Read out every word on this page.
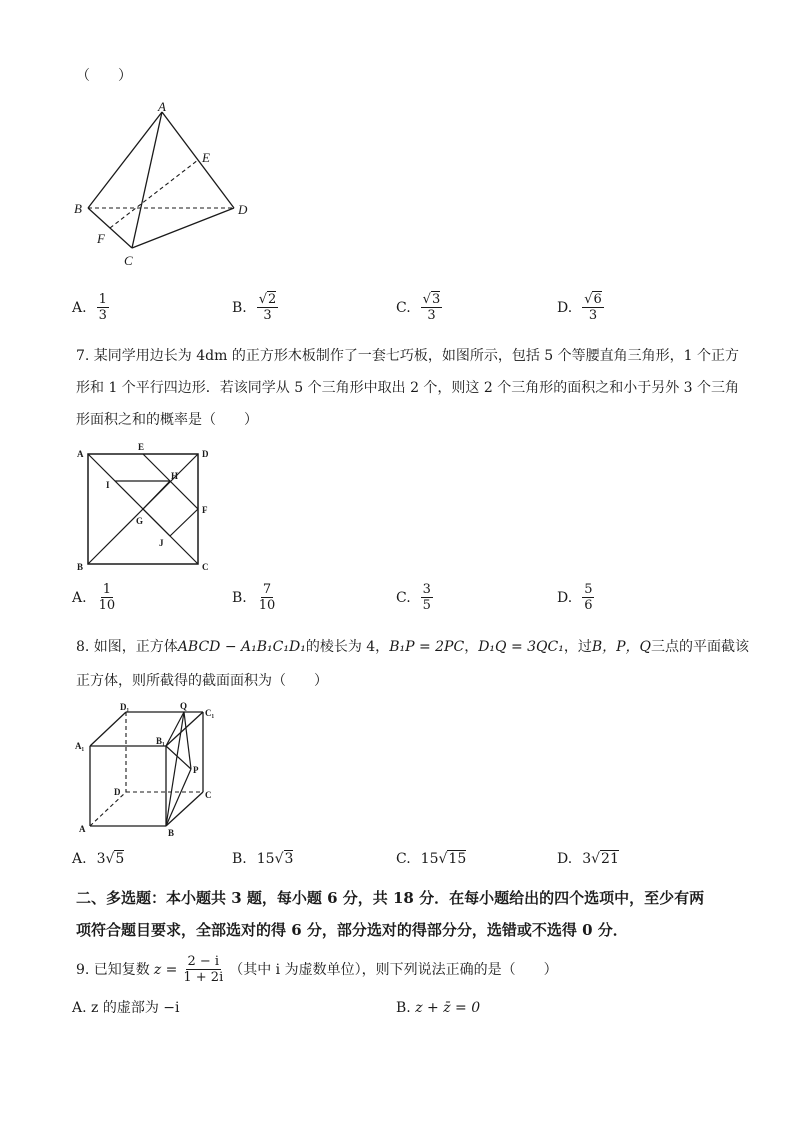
（　　）
A
B
C
D
E
F
A. $\frac{1}{3}$	B. $\frac{√2}{3}$	C. $\frac{√3}{3}$	D. $\frac{√6}{3}$
7. 某同学用边长为 4dm 的正方形木板制作了一套七巧板，如图所示，包括 5 个等腰直角三角形，1 个正方
形和 1 个平行四边形．若该同学从 5 个三角形中取出 2 个，则这 2 个三角形的面积之和小于另外 3 个三角
形面积之和的概率是（　　）
A
B	C
D
E
F
G
H
I
J
A. $\frac{1}{10}$	B. $\frac{7}{10}$	C. $\frac{3}{5}$	D. $\frac{5}{6}$
8. 如图，正方体ABCD − A₁B₁C₁D₁的棱长为 4，B₁P = 2PC，D₁Q = 3QC₁，过B，P，Q三点的平面截该
正方体，则所截得的截面面积为（　　）
A	B
C
D
A₁	B₁
C₁
D₁
P
Q
A. 3√5	B. 15√3	C. 15√15	D. 3√21
二、多选题：本小题共 3 题，每小题 6 分，共 18 分．在每小题给出的四个选项中，至少有两
项符合题目要求，全部选对的得 6 分，部分选对的得部分分，选错或不选得 0 分．
9. 已知复数 $z = \frac{2 - i}{1 + 2i}$ （其中 i 为虚数单位），则下列说法正确的是（　　）
A. z 的虚部为 −i	B. z + z̄ = 0
